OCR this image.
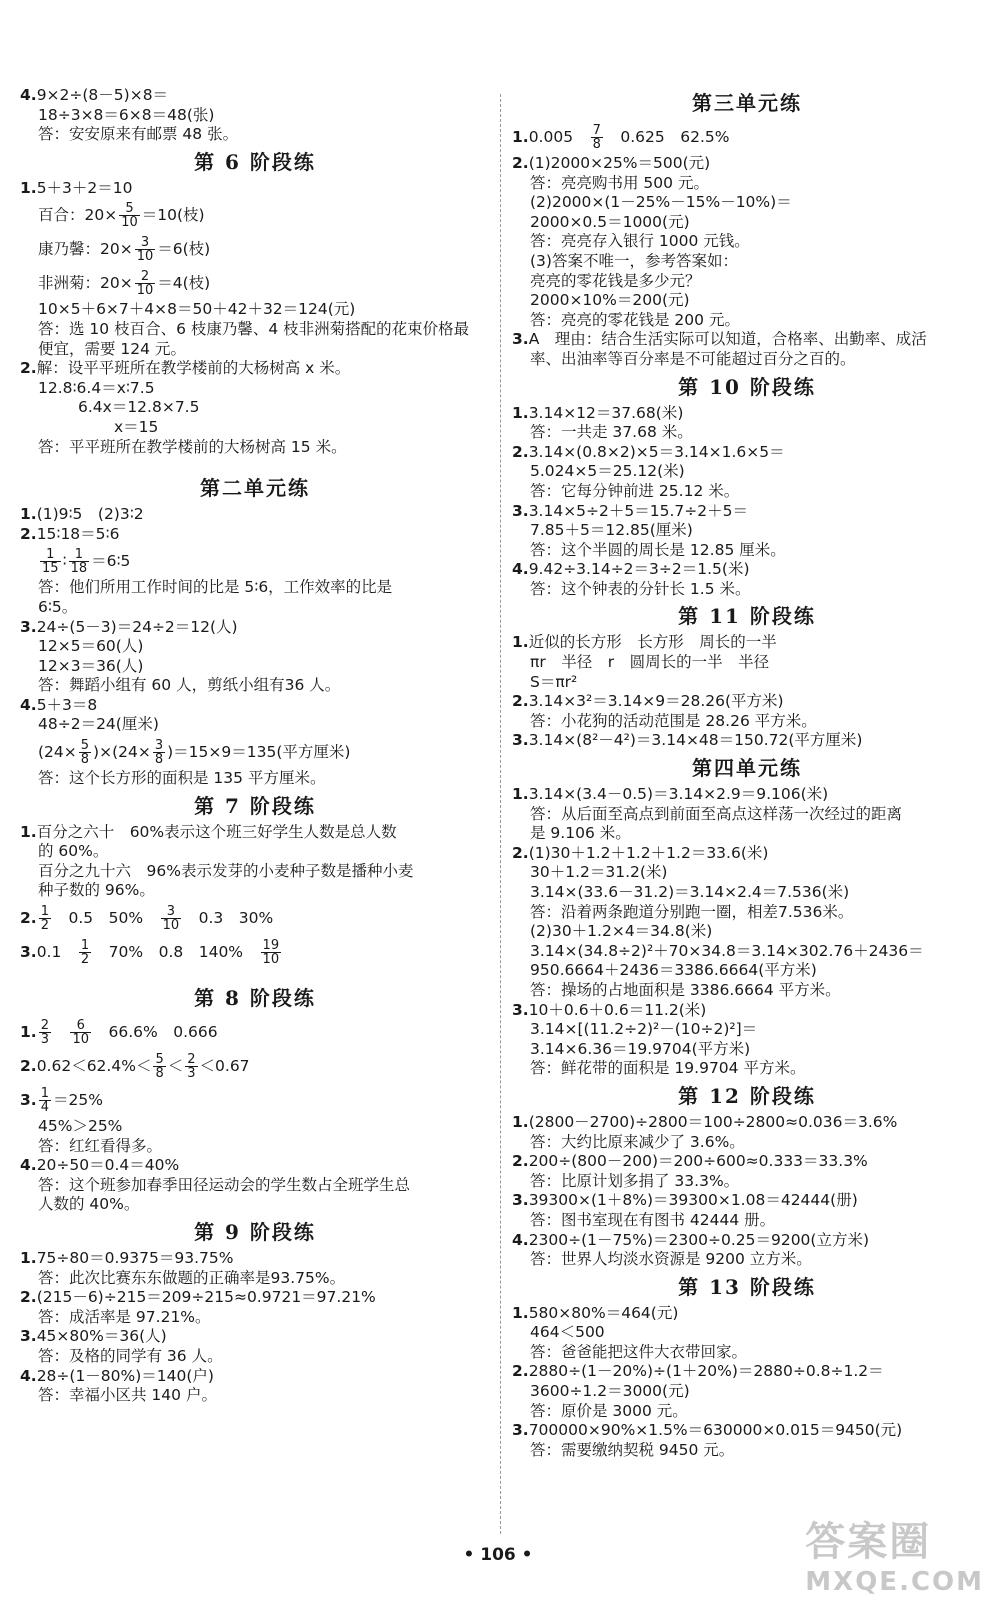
4.9×2÷(8－5)×8＝
18÷3×8＝6×8＝48(张)
答：安安原来有邮票 48 张。
第 6 阶段练
1.5＋3＋2＝10
百合：$20\times \frac{5}{10} =10$(枝)
康乃馨：$20\times \frac{3}{10} =6$(枝)
非洲菊：$20\times \frac{2}{10} =4$(枝)
10×5＋6×7＋4×8＝50＋42＋32＝124(元)
答：选 10 枝百合、6 枝康乃馨、4 枝非洲菊搭配的花束价格最
便宜，需要 124 元。
2.解：设平平班所在教学楼前的大杨树高 x 米。
12.8∶6.4＝x∶7.5
6.4x＝12.8×7.5
x＝15
答：平平班所在教学楼前的大杨树高 15 米。
第二单元练
1.(1)9∶5　(2)3∶2
2.15∶18＝5∶6
$\frac{1}{15}$ ∶ $\frac{1}{18}$ ＝6∶5
答：他们所用工作时间的比是 5∶6，工作效率的比是
6∶5。
3.24÷(5－3)＝24÷2＝12(人)
12×5＝60(人)
12×3＝36(人)
答：舞蹈小组有 60 人，剪纸小组有36 人。
4.5＋3＝8
48÷2＝24(厘米)
$(24\times \frac{5}{8} )\times(24\times \frac{3}{8} )=15\times 9=135$(平方厘米)
答：这个长方形的面积是 135 平方厘米。
第 7 阶段练
1.百分之六十　60%表示这个班三好学生人数是总人数
的 60%。
百分之九十六　96%表示发芽的小麦种子数是播种小麦
种子数的 96%。
2. $\frac{1}{2}$ 　0.5　50%　 $\frac{3}{10}$ 　0.3　30%
3.0.1　 $\frac{1}{2}$ 　70%　0.8　140%　 $\frac{19}{10}$
第 8 阶段练
1. $\frac{2}{3}$
　 $\frac{6}{10}$ 　66.6%　0.666
$2.0.62<62.4\%< \frac{5}{8} < \frac{2}{3} <0.67$
3. $\frac{1}{4} =25\%$
45%＞25%
答：红红看得多。
4.20÷50＝0.4＝40%
答：这个班参加春季田径运动会的学生数占全班学生总
人数的 40%。
第 9 阶段练
1.75÷80＝0.9375＝93.75%
答：此次比赛东东做题的正确率是93.75%。
2.(215－6)÷215＝209÷215≈0.9721＝97.21%
答：成活率是 97.21%。
3.45×80%＝36(人)
答：及格的同学有 36 人。
4.28÷(1－80%)＝140(户)
答：幸福小区共 140 户。
第三单元练
1.0.005　 $\frac{7}{8}$ 　0.625　62.5%
2.(1)2000×25%＝500(元)
答：亮亮购书用 500 元。
(2)2000×(1－25%－15%－10%)＝
2000×0.5＝1000(元)
答：亮亮存入银行 1000 元钱。
(3)答案不唯一，参考答案如：
亮亮的零花钱是多少元？
2000×10%＝200(元)
答：亮亮的零花钱是 200 元。
3.A　理由：结合生活实际可以知道，合格率、出勤率、成活
率、出油率等百分率是不可能超过百分之百的。
第 10 阶段练
1.3.14×12＝37.68(米)
答：一共走 37.68 米。
2.3.14×(0.8×2)×5＝3.14×1.6×5＝
5.024×5＝25.12(米)
答：它每分钟前进 25.12 米。
3.3.14×5÷2＋5＝15.7÷2＋5＝
7.85＋5＝12.85(厘米)
答：这个半圆的周长是 12.85 厘米。
4.9.42÷3.14÷2＝3÷2＝1.5(米)
答：这个钟表的分针长 1.5 米。
第 11 阶段练
1.近似的长方形　长方形　周长的一半
πr　半径　r　圆周长的一半　半径
S＝πr²
2.3.14×3²＝3.14×9＝28.26(平方米)
答：小花狗的活动范围是 28.26 平方米。
3.3.14×(8²－4²)＝3.14×48＝150.72(平方厘米)
第四单元练
1.3.14×(3.4－0.5)＝3.14×2.9＝9.106(米)
答：从后面至高点到前面至高点这样荡一次经过的距离
是 9.106 米。
2.(1)30＋1.2＋1.2＋1.2＝33.6(米)
30＋1.2＝31.2(米)
3.14×(33.6－31.2)＝3.14×2.4＝7.536(米)
答：沿着两条跑道分别跑一圈，相差7.536米。
(2)30＋1.2×4＝34.8(米)
3.14×(34.8÷2)²＋70×34.8＝3.14×302.76＋2436＝
950.6664＋2436＝3386.6664(平方米)
答：操场的占地面积是 3386.6664 平方米。
3.10＋0.6＋0.6＝11.2(米)
3.14×[(11.2÷2)²－(10÷2)²]＝
3.14×6.36＝19.9704(平方米)
答：鲜花带的面积是 19.9704 平方米。
第 12 阶段练
1.(2800－2700)÷2800＝100÷2800≈0.036＝3.6%
答：大约比原来减少了 3.6%。
2.200÷(800－200)＝200÷600≈0.333＝33.3%
答：比原计划多捐了 33.3%。
3.39300×(1＋8%)＝39300×1.08＝42444(册)
答：图书室现在有图书 42444 册。
4.2300÷(1－75%)＝2300÷0.25＝9200(立方米)
答：世界人均淡水资源是 9200 立方米。
第 13 阶段练
1.580×80%＝464(元)
464＜500
答：爸爸能把这件大衣带回家。
2.2880÷(1－20%)÷(1＋20%)＝2880÷0.8÷1.2＝
3600÷1.2＝3000(元)
答：原价是 3000 元。
3.700000×90%×1.5%＝630000×0.015＝9450(元)
答：需要缴纳契税 9450 元。
• 106 •	答案圈
MXQE.COM
